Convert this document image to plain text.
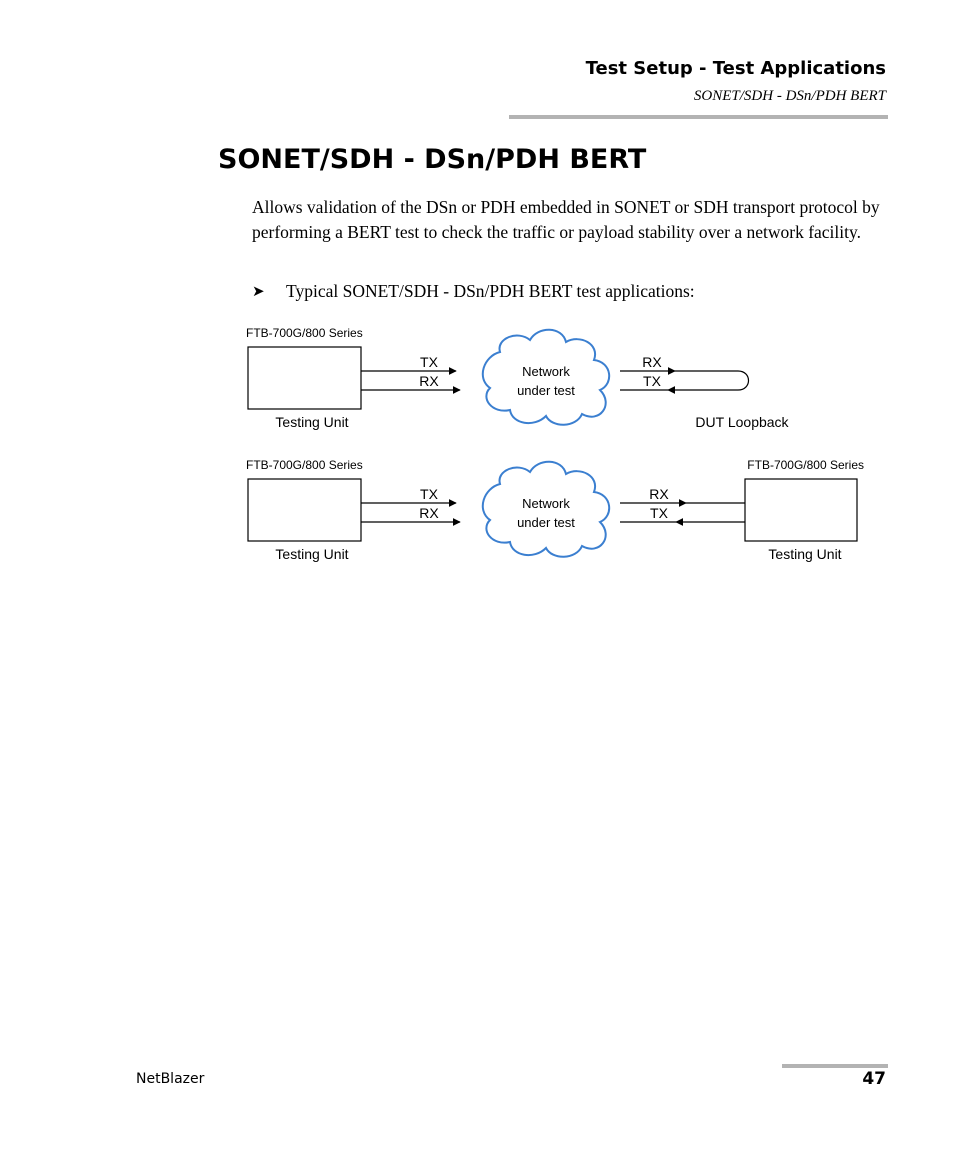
Test Setup - Test Applications
SONET/SDH - DSn/PDH BERT
SONET/SDH - DSn/PDH BERT
Allows validation of the DSn or PDH embedded in SONET or SDH transport protocol by performing a BERT test to check the traffic or payload stability over a network facility.
➤ Typical SONET/SDH - DSn/PDH BERT test applications:
FTB-700G/800 Series
Testing Unit
TX
RX
Network
under test
RX
TX
DUT Loopback
FTB-700G/800 Series	FTB-700G/800 Series
Testing Unit	Testing Unit
TX
RX
Network
under test
RX
TX
NetBlazer	47
